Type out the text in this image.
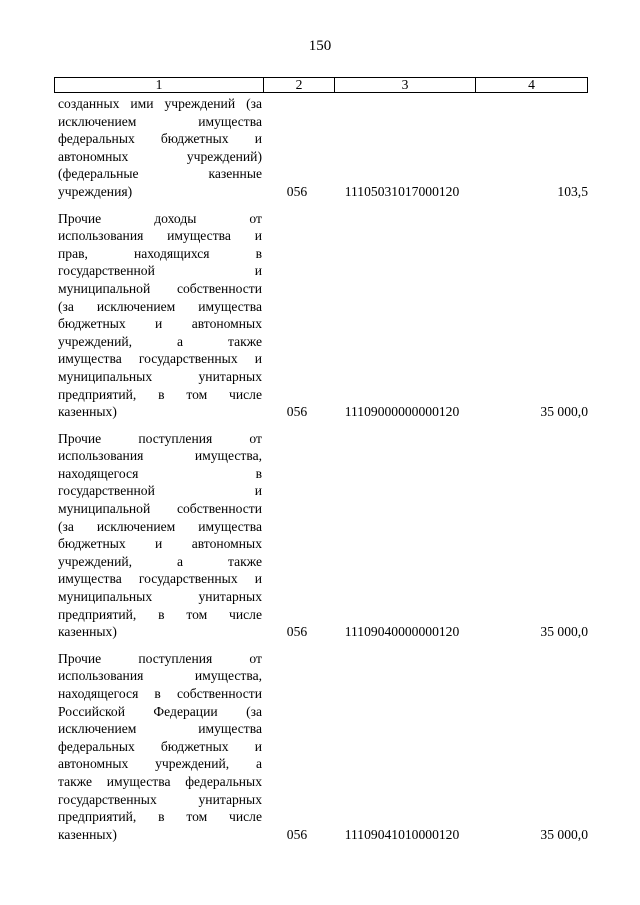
150
1	2	3	4
созданных ими учреждений (за
исключением имущества
федеральных бюджетных и
автономных учреждений)
(федеральные казенные
учреждения)	056	11105031017000120	103,5
Прочие доходы от
использования имущества и
прав, находящихся в
государственной и
муниципальной собственности
(за исключением имущества
бюджетных и автономных
учреждений, а также
имущества государственных и
муниципальных унитарных
предприятий, в том числе
казенных)	056	11109000000000120	35 000,0
Прочие поступления от
использования имущества,
находящегося в
государственной и
муниципальной собственности
(за исключением имущества
бюджетных и автономных
учреждений, а также
имущества государственных и
муниципальных унитарных
предприятий, в том числе
казенных)	056	11109040000000120	35 000,0
Прочие поступления от
использования имущества,
находящегося в собственности
Российской Федерации (за
исключением имущества
федеральных бюджетных и
автономных учреждений, а
также имущества федеральных
государственных унитарных
предприятий, в том числе
казенных)	056	11109041010000120	35 000,0
